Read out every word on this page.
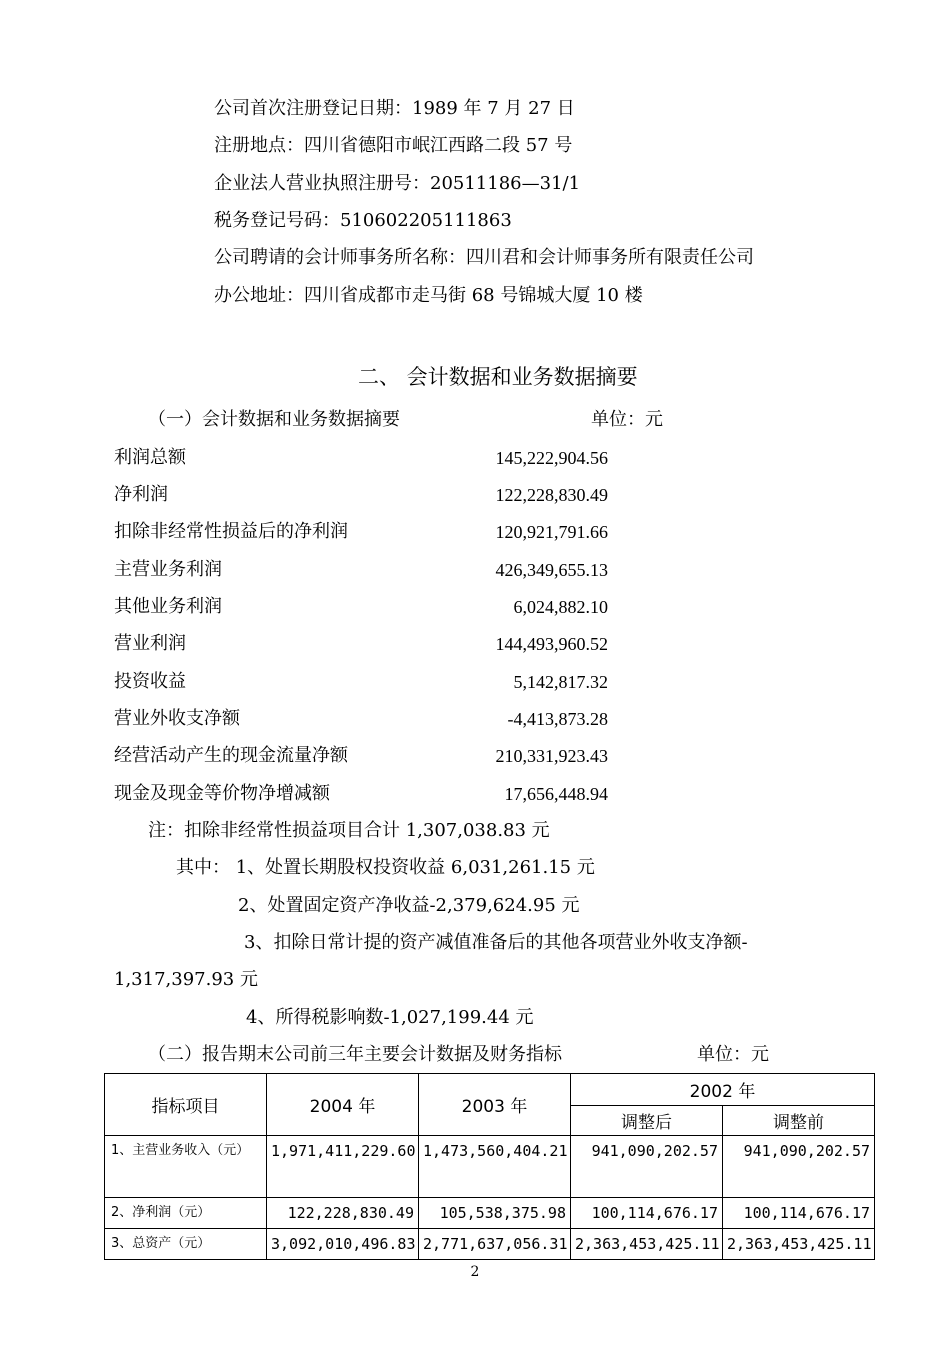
公司首次注册登记日期：1989 年 7 月 27 日
注册地点：四川省德阳市岷江西路二段 57 号
企业法人营业执照注册号：20511186—31/1
税务登记号码：510602205111863
公司聘请的会计师事务所名称：四川君和会计师事务所有限责任公司
办公地址：四川省成都市走马街 68 号锦城大厦 10 楼
二、 会计数据和业务数据摘要
（一）会计数据和业务数据摘要	单位：元
利润总额	145,222,904.56
净利润	122,228,830.49
扣除非经常性损益后的净利润	120,921,791.66
主营业务利润	426,349,655.13
其他业务利润	6,024,882.10
营业利润	144,493,960.52
投资收益	5,142,817.32
营业外收支净额	-4,413,873.28
经营活动产生的现金流量净额	210,331,923.43
现金及现金等价物净增减额	17,656,448.94
注：扣除非经常性损益项目合计 1,307,038.83 元
其中： 1、处置长期股权投资收益 6,031,261.15 元
2、处置固定资产净收益-2,379,624.95 元
3、扣除日常计提的资产减值准备后的其他各项营业外收支净额-
1,317,397.93 元
4、所得税影响数-1,027,199.44 元
（二）报告期末公司前三年主要会计数据及财务指标	单位：元
指标项目	2004 年	2003 年	2002 年	
			调整后	调整前
1、主营业务收入（元）	1,971,411,229.60	1,473,560,404.21	941,090,202.57	941,090,202.57
2、净利润（元）	122,228,830.49	105,538,375.98	100,114,676.17	100,114,676.17
3、总资产（元）	3,092,010,496.83	2,771,637,056.31	2,363,453,425.11	2,363,453,425.11
2
